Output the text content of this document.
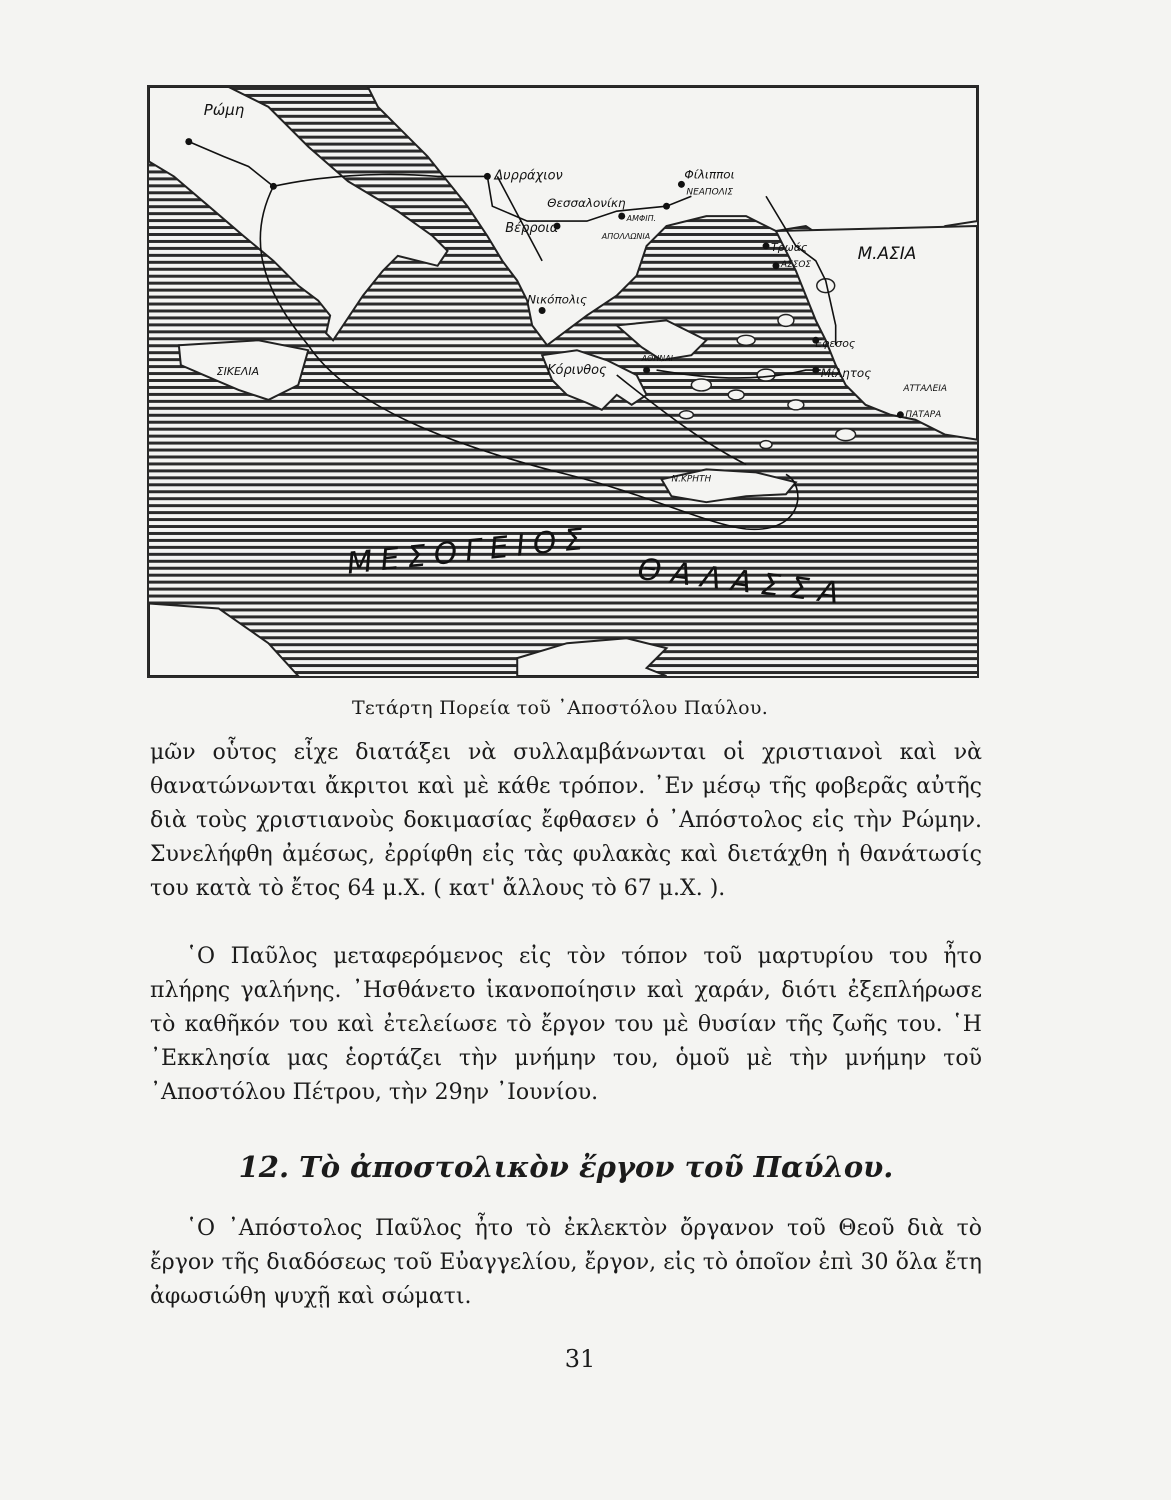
Ρώμη
Δυρράχιον	Φίλιπποι
ΝΕΑΠΟΛΙΣ
Θεσσαλονίκη
ΑΜΦΙΠ.
ΑΠΟΛΛΩΝΙΑ
Βέρροια
Τρωάς
ΑΣΣΟΣ
Μ.ΑΣΙΑ
Νικόπολις
Έφεσος
ΑΘΗΝΑΙ
Κόρινθος	Μίλητος
ΑΤΤΑΛΕΙΑ
ΠΑΤΑΡΑ
ΣΙΚΕΛΙΑ
Ν.ΚΡΗΤΗ
ΜΕΣΟΓΕΙΟΣ
ΘΑΛΑΣΣΑ
Τετάρτη Πορεία τοῦ ᾿Αποστόλου Παύλου.

μῶν οὗτος εἶχε διατάξει νὰ συλλαμβάνωνται οἱ χριστιανοὶ καὶ νὰ θανατώνωνται ἄκριτοι καὶ μὲ κάθε τρόπον. ᾿Εν μέσῳ τῆς φοβερᾶς αὐτῆς διὰ τοὺς χριστιανοὺς δοκιμασίας ἔφθασεν ὁ ᾿Απόστολος εἰς τὴν Ρώμην. Συνελήφθη ἀμέσως, ἐρρίφθη εἰς τὰς φυλακὰς καὶ διετάχθη ἡ θανάτωσίς του κατὰ τὸ ἔτος 64 μ.Χ. ( κατ' ἄλλους τὸ 67 μ.Χ. ).

῾Ο Παῦλος μεταφερόμενος εἰς τὸν τόπον τοῦ μαρτυρίου του ἦτο πλήρης γαλήνης. ᾿Ησθάνετο ἱκανοποίησιν καὶ χαράν, διότι ἐξεπλήρωσε τὸ καθῆκόν του καὶ ἐτελείωσε τὸ ἔργον του μὲ θυσίαν τῆς ζωῆς του. ῾Η ᾿Εκκλησία μας ἑορτάζει τὴν μνήμην του, ὁμοῦ μὲ τὴν μνήμην τοῦ ᾿Αποστόλου Πέτρου, τὴν 29ην ᾿Ιουνίου.

12. Τὸ ἀποστολικὸν ἔργον τοῦ Παύλου.

῾Ο ᾿Απόστολος Παῦλος ἦτο τὸ ἐκλεκτὸν ὄργανον τοῦ Θεοῦ διὰ τὸ ἔργον τῆς διαδόσεως τοῦ Εὐαγγελίου, ἔργον, εἰς τὸ ὁποῖον ἐπὶ 30 ὅλα ἔτη ἀφωσιώθη ψυχῇ καὶ σώματι.

31
